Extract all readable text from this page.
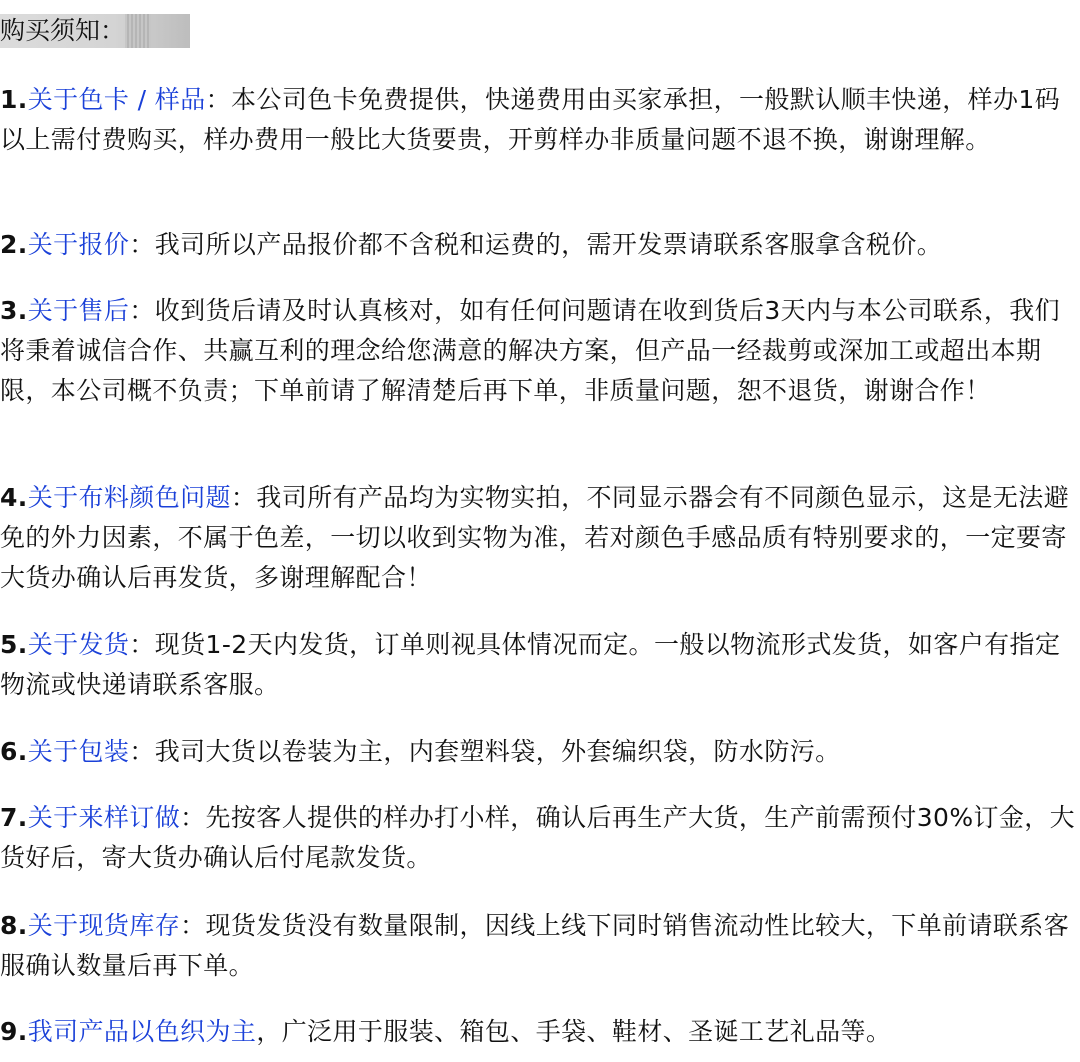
购买须知：
1.关于色卡 / 样品：本公司色卡免费提供，快递费用由买家承担，一般默认顺丰快递，样办1码以上需付费购买，样办费用一般比大货要贵，开剪样办非质量问题不退不换，谢谢理解。
2.关于报价：我司所以产品报价都不含税和运费的，需开发票请联系客服拿含税价。
3.关于售后：收到货后请及时认真核对，如有任何问题请在收到货后3天内与本公司联系，我们将秉着诚信合作、共赢互利的理念给您满意的解决方案，但产品一经裁剪或深加工或超出本期限，本公司概不负责；下单前请了解清楚后再下单，非质量问题，恕不退货，谢谢合作！
4.关于布料颜色问题：我司所有产品均为实物实拍，不同显示器会有不同颜色显示，这是无法避免的外力因素，不属于色差，一切以收到实物为准，若对颜色手感品质有特别要求的，一定要寄大货办确认后再发货，多谢理解配合！
5.关于发货：现货1-2天内发货，订单则视具体情况而定。一般以物流形式发货，如客户有指定物流或快递请联系客服。
6.关于包装：我司大货以卷装为主，内套塑料袋，外套编织袋，防水防污。
7.关于来样订做：先按客人提供的样办打小样，确认后再生产大货，生产前需预付30%订金，大货好后，寄大货办确认后付尾款发货。
8.关于现货库存：现货发货没有数量限制，因线上线下同时销售流动性比较大，下单前请联系客服确认数量后再下单。
9.我司产品以色织为主，广泛用于服装、箱包、手袋、鞋材、圣诞工艺礼品等。
